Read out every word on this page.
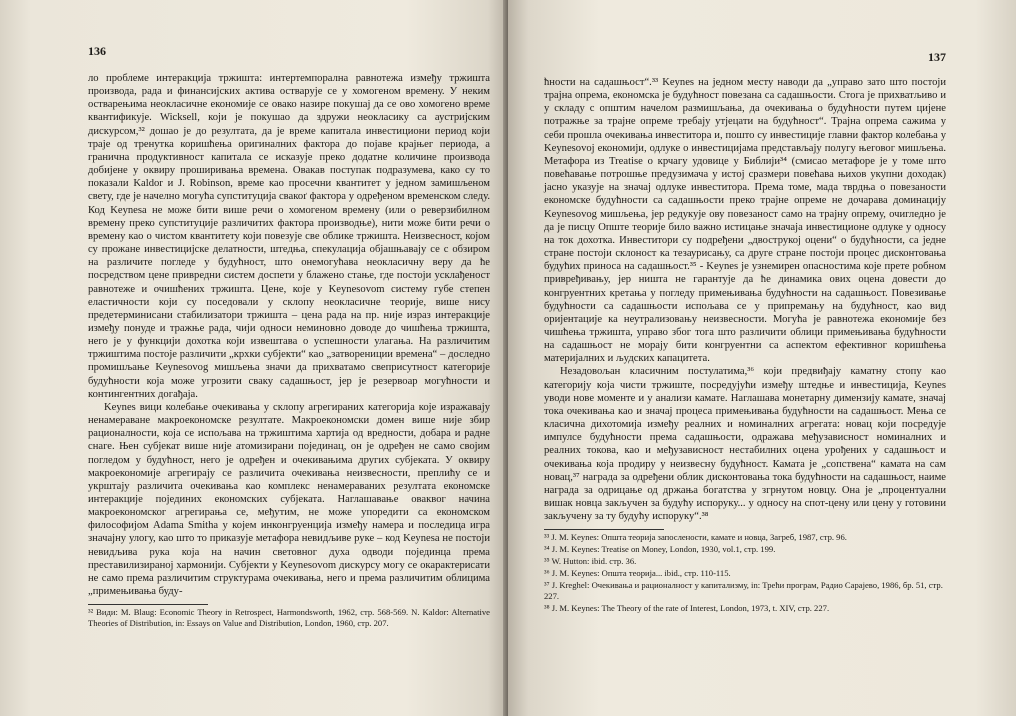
136

ло проблеме интеракција тржишта: интертемпорална равнотежа између тржишта производа, рада и финансијских актива остварује се у хомогеном времену. У неким остварењима неокласичне економије се овако назире покушај да се ово хомогено време квантификује. Wicksell, који је покушао да здружи неокласику са аустријским дискурсом,³² дошао је до резултата, да је време капитала инвестициони период који траје од тренутка коришћења оригиналних фактора до појаве крајњег периода, а гранична продуктивност капитала се исказује преко додатне количине производа добијене у оквиру проширивања времена. Овакав поступак подразумева, како су то показали Kaldor и J. Robinson, време као просечни квантитет у једном замишљеном свету, где је начелно могућа супституција свакоґ фактора у одређеном временском следу. Код Keynesа не може бити више речи о хомогеном времену (или о реверзибилном времену преко супституције различитих фактора производње), нити може бити речи о времену као о чистом квантитету који повезује све облике тржишта. Неизвесност, којом су прожане инвестицијске делатности, штедња, спекулација објашњавају се с обзиром на различите погледе у будућност, што онемогућава неокласичну веру да ће посредством цене привредни систем доспети у блажено стање, где постоји усклађеност равнотеже и очишћених тржишта. Цене, које у Keynesovom систему губе степен еластичности који су поседовали у склопу неокласичне теорије, више нису предетерминисани стабилизатори тржишта – цена рада на пр. није израз интеракције између понуде и тражње рада, чији односи неминовно доводе до чишћења тржишта, него је у функцији дохотка који извештава о успешности улагања. На различитим тржиштима постоје различити „крхки субјекти“ као „затворениции времена“ – доследно промишљање Keynesovog мишљења значи да прихватамо свеприсутност категорије будућности која може угрозити сваку садашњост, јер је резервоар могућности и контингентних догађаја.

Keynes вици колебање очекивања у склопу агрегираних категорија које изражавају ненамераване макроекономске резултате. Макроекономски домен више није збир рационалности, која се испољава на тржиштима хартија од вредности, добара и радне снаге. Њен субјекат више није атомизирани појединац, он је одређен не само својим погледом у будућност, него је одређен и очекивањима других субјеката. У оквиру макроекономије агрегирају се различита очекивања неизвесности, преплићу се и укрштају различита очекивања као комплекс ненамераваних резултата економске интеракције појединих економских субјеката. Наглашавање оваквог начина макроекономског агрегирања се, међутим, не може упоредити са економском философијом Adama Smitha у којем инконгруенција између намера и последица игра значајну улогу, као што то приказује метафора невидљиве руке – код Keynesа не постоји невидљива рука која на начин световног духа одводи појединца према преставилизираној хармонији. Субјекти у Keynesovom дискурсу могу се окарактерисати не само према различитим структурама очекивања, него и према различитим облицима „примењивања буду-

³² Види: M. Blaug: Economic Theory in Retrospect, Harmondsworth, 1962, стр. 568-569. N. Kaldor: Alternative Theories of Distribution, in: Essays on Value and Distribution, London, 1960, стр. 207.

137

ћности на садашњост“.³³ Keynes на једном месту наводи да „управо зато што постоји трајна опрема, економска је будућност повезана са садашњости. Стога је прихватљиво и у складу с општим начелом размишљања, да очекивања о будућности путем цијене потражње за трајне опреме требају утјецати на будућност“. Трајна опрема сажима у себи прошла очекивања инвеститора и, пошто су инвестиције главни фактор колебања у Keynesovoj економији, одлуке о инвестицијама представљају полугу његовог мишљења. Метафора из Treatise о крчагу удовице у Библији³⁴ (смисао метафоре је у томе што повећавање потрошње предузимача у истој сразмери повећава њихов укупни доходак) јасно указује на значај одлуке инвеститора. Према томе, мада тврдња о повезаности економске будућности са садашњости преко трајне опреме не дочарава доминацију Keynesovog мишљења, јер редукује ову повезаност само на трајну опрему, очигледно је да је писцу Опште теорије било важно истицање значаја инвестиционе одлуке у односу на ток дохотка. Инвеститори су подређени „двострукој оцени“ о будућности, са једне стране постоји склоност ка тезаурисању, са друге стране постоји процес дисконтовања будућих приноса на садашњост.³⁵ - Keynes је узнемирен опасностима које прете робном привређивању, јер ништа не гарантује да ће динамика ових оцена довести до конгруентних кретања у погледу примењивања будућности на садашњост. Повезивање будућности са садашњости испољава се у припремању на будућност, као вид оријентације ка неутрализовању неизвесности. Могућа је равнотежа економије без чишћења тржишта, управо због тога што различити облици примењивања будућности на садашњост не морају бити конгруентни са аспектом ефективног коришћења материјалних и људских капацитета.

Незадовољан класичним постулатима,³⁶ који предвиђају каматну стопу као категорију која чисти тржиште, посредујући између штедње и инвестиција, Keynes уводи нове моменте и у анализи камате. Наглашава монетарну димензију камате, значај тока очекивања као и значај процеса примењивања будућности на садашњост. Мења се класична дихотомија између реалних и номиналних агрегата: новац који посредује импулсе будућности према садашњости, одражава међузависност номиналних и реалних токова, као и међузависност нестабилних оцена урођених у садашњост и очекивања која продиру у неизвесну будућност. Камата је „сопствена“ камата на сам новац,³⁷ награда за одређени облик дисконтовања тока будућности на садашњост, наиме награда за одрицање од држања богатства у згрнутом новцу. Она је „процентуални вишак новца закључен за будућу испоруку... у односу на спот-цену или цену у готовини закључену за ту будућу испоруку“.³⁸

³³ J. M. Keynes: Општа теорија запосленоcти, камате и новца, Загреб, 1987, стр. 96.

³⁴ J. M. Keynes: Treatise on Money, London, 1930, vol.1, стр. 199.

³⁵ W. Hutton: ibid. стр. 36.

³⁶ J. M. Keynes: Општа теорија... ibid., стр. 110-115.

³⁷ J. Kreghel: Очекивања и рационалност у капитализму, in: Трећи програм, Радио Сарајево, 1986, бр. 51, стр. 227.

³⁸ J. M. Keynes: The Theory of the rate of Interest, London, 1973, t. XIV, стр. 227.
